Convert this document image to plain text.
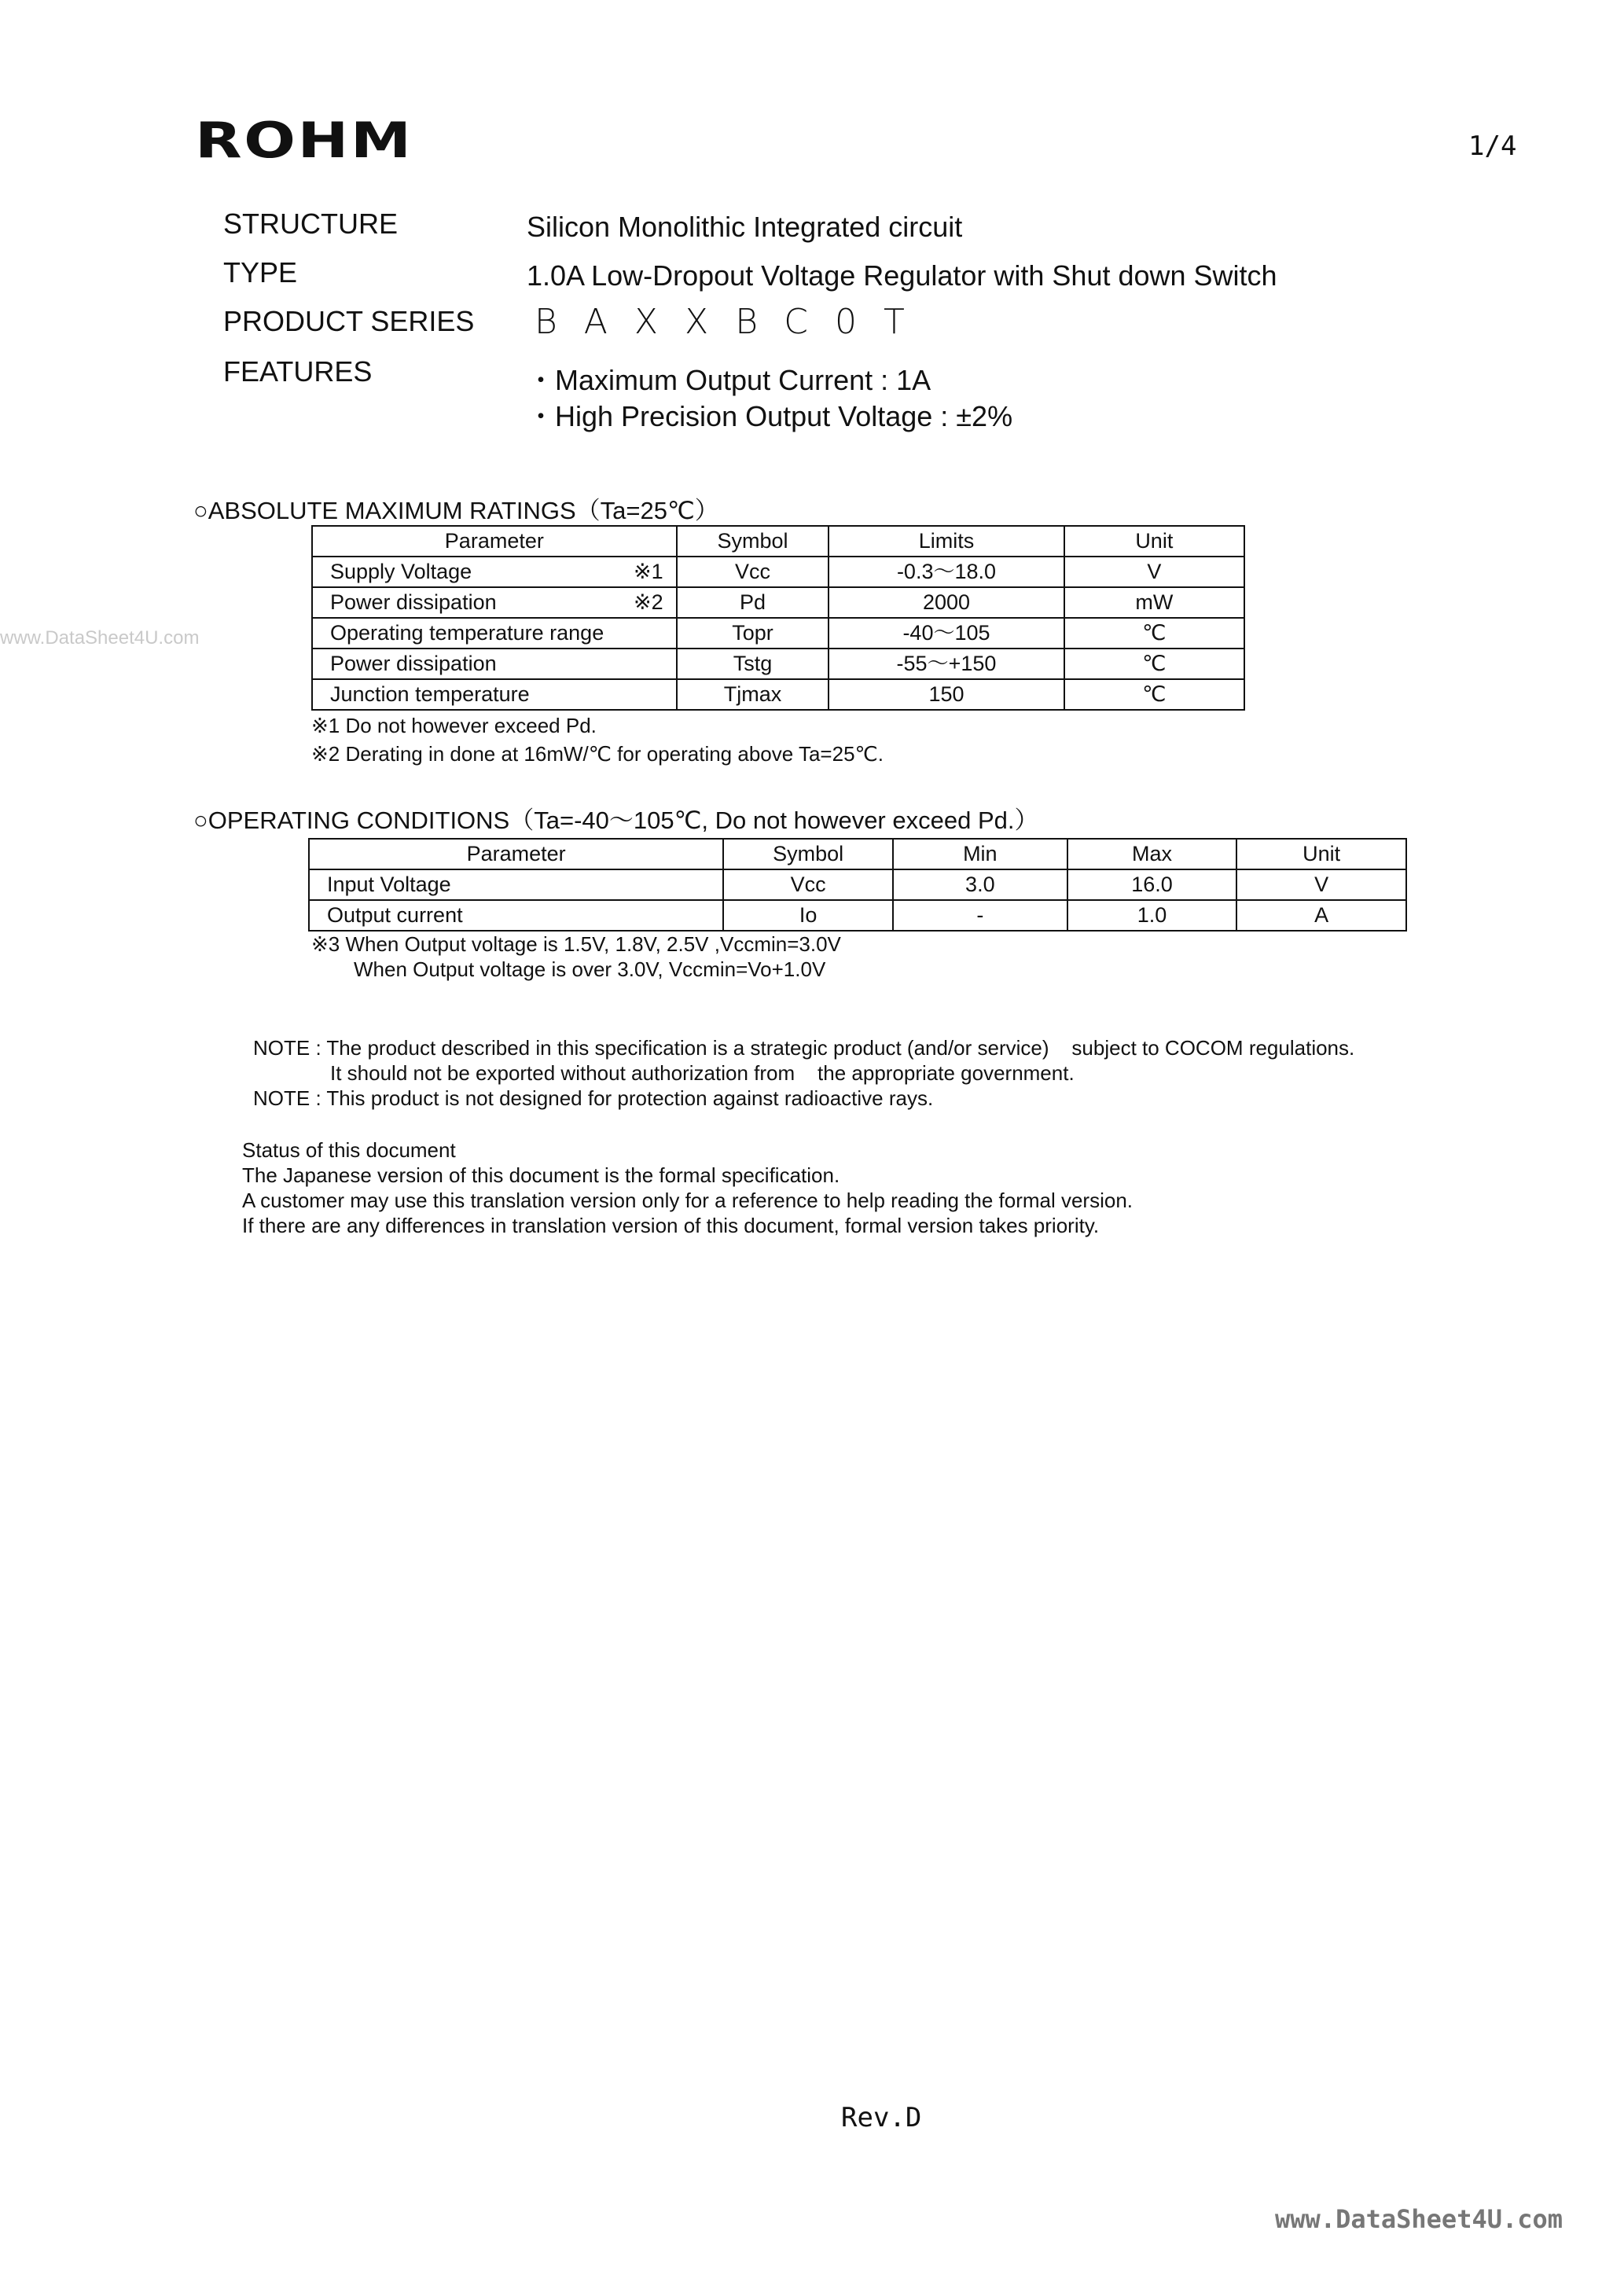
ROHM	1/4
www.DataSheet4U.com
STRUCTURE	Silicon Monolithic Integrated circuit
TYPE	1.0A Low-Dropout Voltage Regulator with Shut down Switch
PRODUCT SERIES BAXXBC0T
FEATURES	・Maximum Output Current : 1A
・High Precision Output Voltage : ±2%
○ABSOLUTE MAXIMUM RATINGS（Ta=25℃）
Parameter	Symbol	Limits	Unit
Supply Voltage ※1	Vcc	-0.3〜18.0	V
Power dissipation ※2	Pd	2000	mW
Operating temperature range	Topr	-40〜105	℃
Power dissipation	Tstg	-55〜+150	℃
Junction temperature	Tjmax	150	℃
※1 Do not however exceed Pd.
※2 Derating in done at 16mW/℃ for operating above Ta=25℃.
○OPERATING CONDITIONS（Ta=-40〜105℃, Do not however exceed Pd.）
Parameter	Symbol	Min	Max	Unit
Input Voltage	Vcc	3.0	16.0	V
Output current	Io	-	1.0	A
※3 When Output voltage is 1.5V, 1.8V, 2.5V ,Vccmin=3.0V
When Output voltage is over 3.0V, Vccmin=Vo+1.0V
NOTE : The product described in this specification is a strategic product (and/or service)    subject to COCOM regulations.
It should not be exported without authorization from    the appropriate government.
NOTE : This product is not designed for protection against radioactive rays.
Status of this document
The Japanese version of this document is the formal specification.
A customer may use this translation version only for a reference to help reading the formal version.
If there are any differences in translation version of this document, formal version takes priority.
Rev.D
www.DataSheet4U.com
